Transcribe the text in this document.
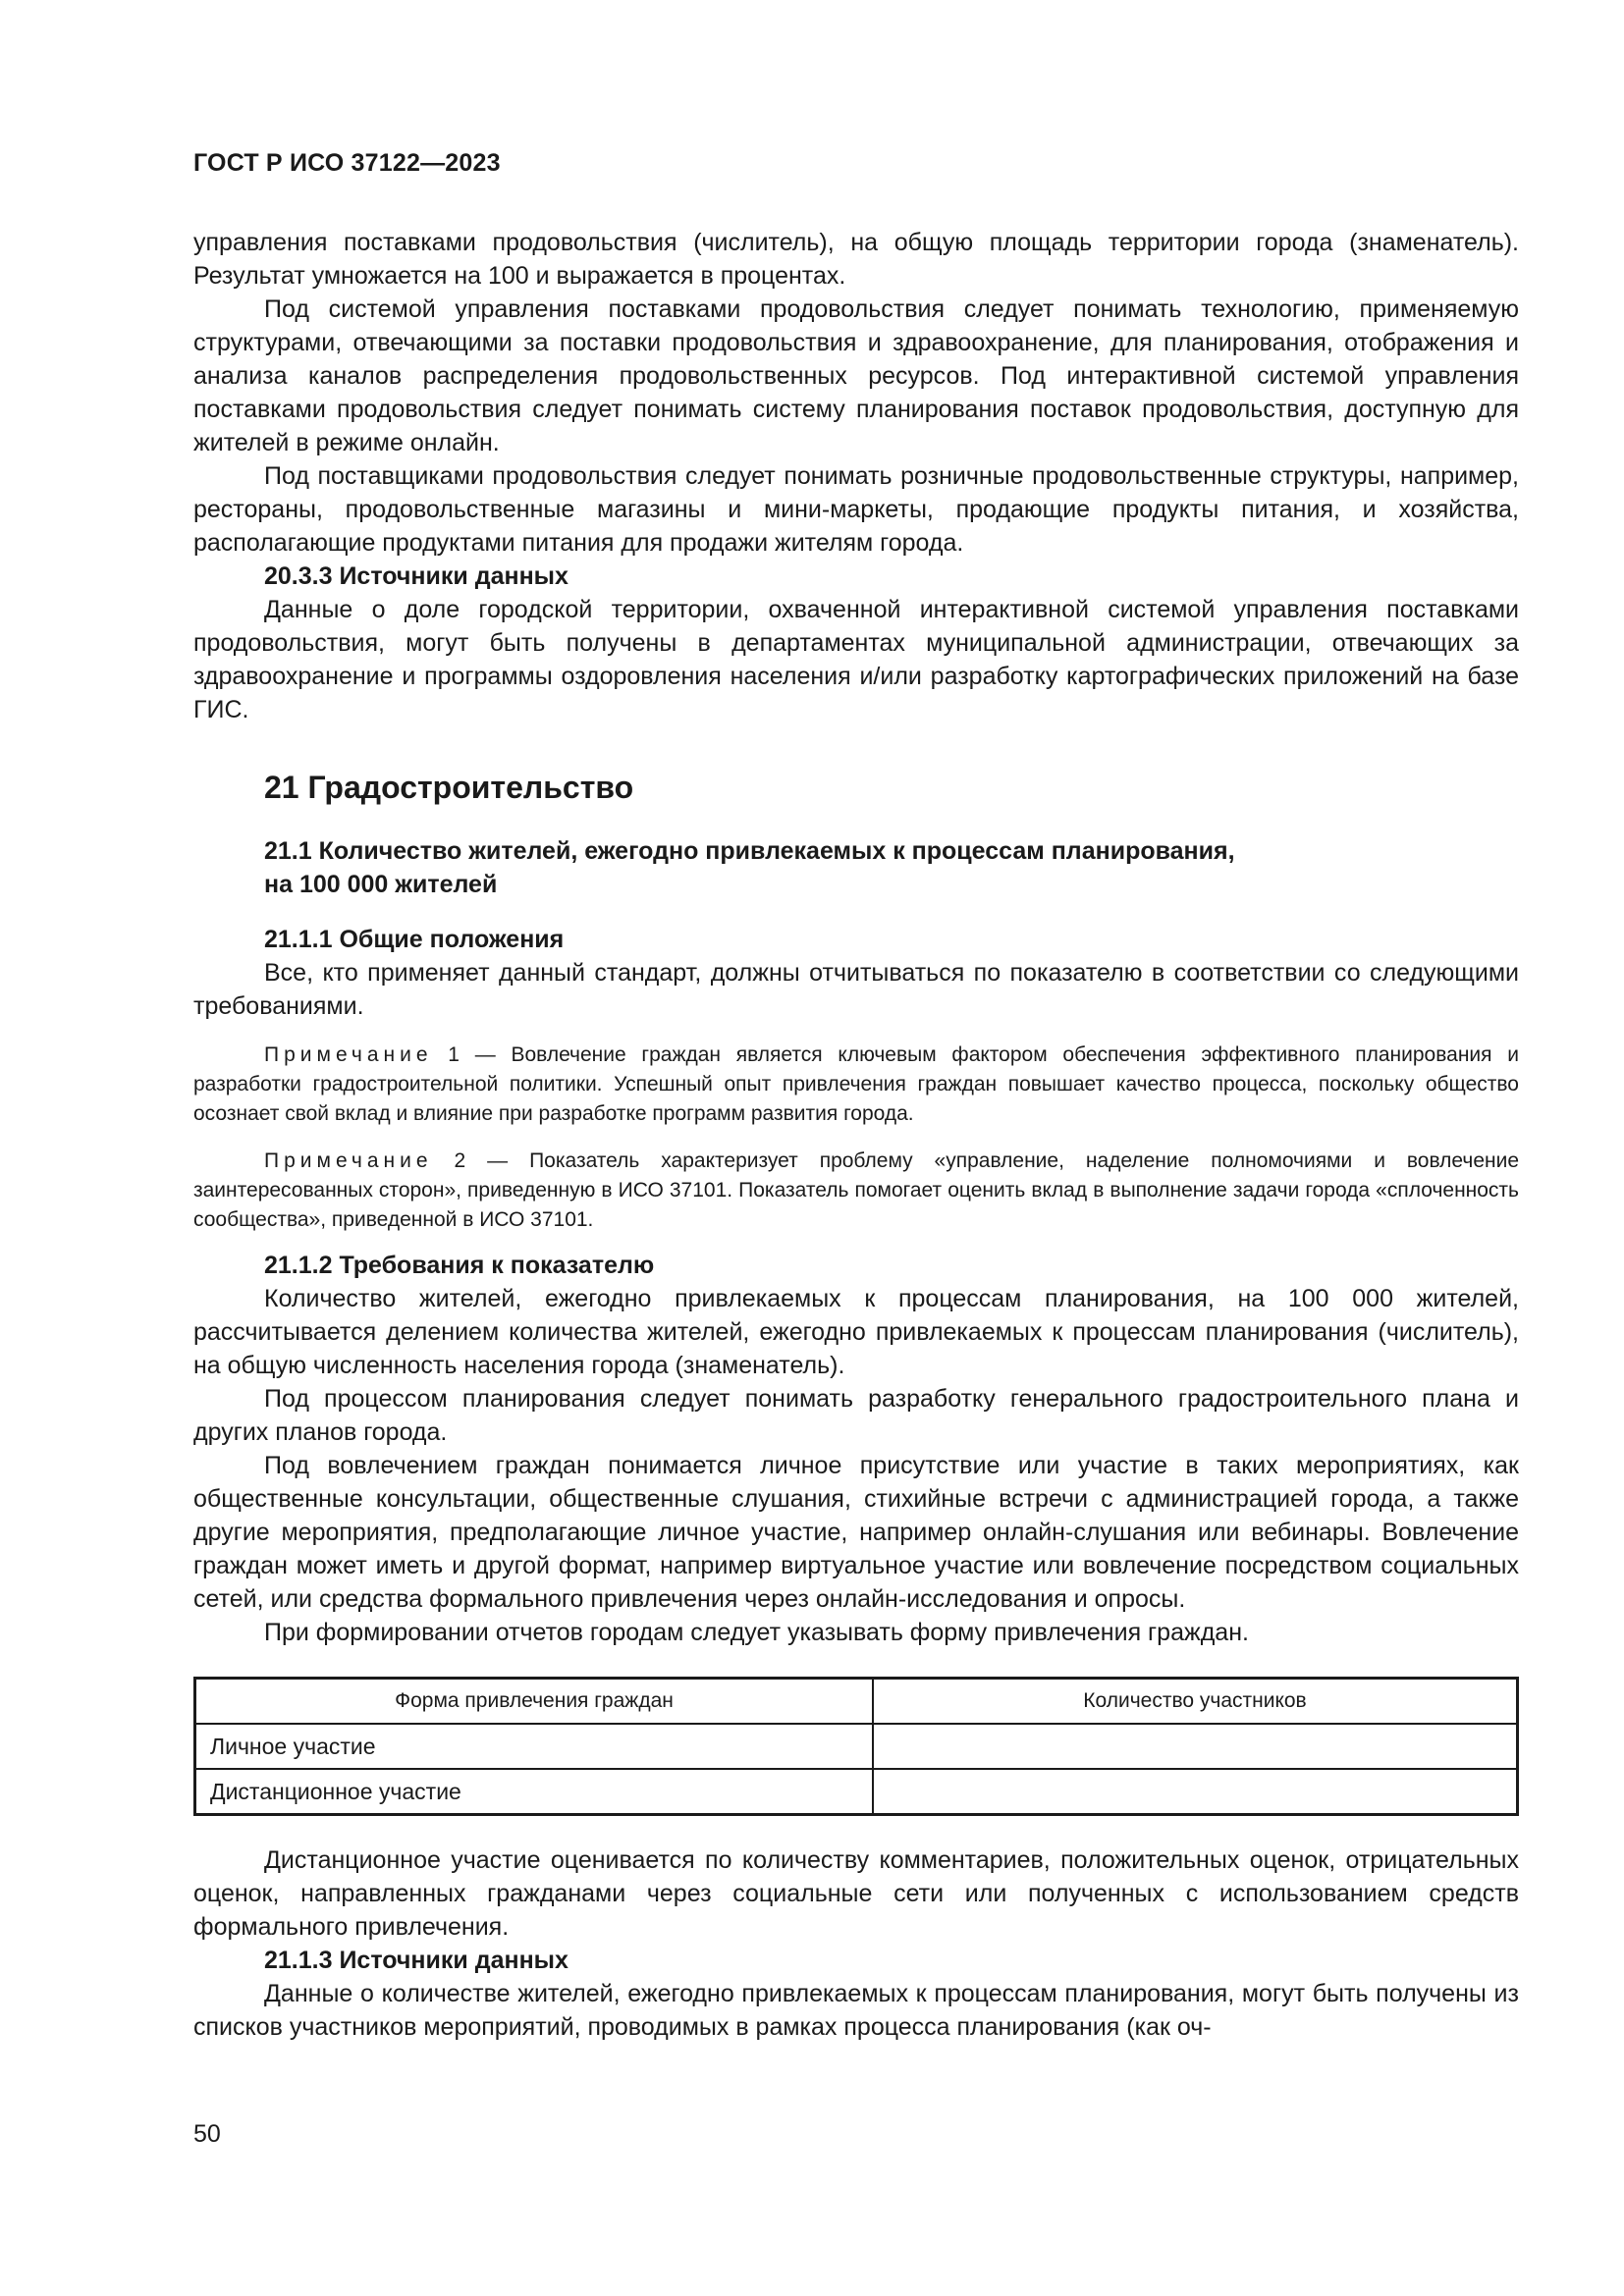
ГОСТ Р ИСО 37122—2023

управления поставками продовольствия (числитель), на общую площадь территории города (знаменатель). Результат умножается на 100 и выражается в процентах.

Под системой управления поставками продовольствия следует понимать технологию, применяемую структурами, отвечающими за поставки продовольствия и здравоохранение, для планирования, отображения и анализа каналов распределения продовольственных ресурсов. Под интерактивной системой управления поставками продовольствия следует понимать систему планирования поставок продовольствия, доступную для жителей в режиме онлайн.

Под поставщиками продовольствия следует понимать розничные продовольственные структуры, например, рестораны, продовольственные магазины и мини-маркеты, продающие продукты питания, и хозяйства, располагающие продуктами питания для продажи жителям города.

20.3.3 Источники данных

Данные о доле городской территории, охваченной интерактивной системой управления поставками продовольствия, могут быть получены в департаментах муниципальной администрации, отвечающих за здравоохранение и программы оздоровления населения и/или разработку картографических приложений на базе ГИС.

21 Градостроительство
21.1 Количество жителей, ежегодно привлекаемых к процессам планирования,
на 100 000 жителей
21.1.1 Общие положения

Все, кто применяет данный стандарт, должны отчитываться по показателю в соответствии со следующими требованиями.

Примечание 1 — Вовлечение граждан является ключевым фактором обеспечения эффективного планирования и разработки градостроительной политики. Успешный опыт привлечения граждан повышает качество процесса, поскольку общество осознает свой вклад и влияние при разработке программ развития города.

Примечание 2 — Показатель характеризует проблему «управление, наделение полномочиями и вовлечение заинтересованных сторон», приведенную в ИСО 37101. Показатель помогает оценить вклад в выполнение задачи города «сплоченность сообщества», приведенной в ИСО 37101.

21.1.2 Требования к показателю

Количество жителей, ежегодно привлекаемых к процессам планирования, на 100 000 жителей, рассчитывается делением количества жителей, ежегодно привлекаемых к процессам планирования (числитель), на общую численность населения города (знаменатель).

Под процессом планирования следует понимать разработку генерального градостроительного плана и других планов города.

Под вовлечением граждан понимается личное присутствие или участие в таких мероприятиях, как общественные консультации, общественные слушания, стихийные встречи с администрацией города, а также другие мероприятия, предполагающие личное участие, например онлайн-слушания или вебинары. Вовлечение граждан может иметь и другой формат, например виртуальное участие или вовлечение посредством социальных сетей, или средства формального привлечения через онлайн-исследования и опросы.

При формировании отчетов городам следует указывать форму привлечения граждан.

Форма привлечения граждан	Количество участников
Личное участие	
Дистанционное участие	

Дистанционное участие оценивается по количеству комментариев, положительных оценок, отрицательных оценок, направленных гражданами через социальные сети или полученных с использованием средств формального привлечения.

21.1.3 Источники данных

Данные о количестве жителей, ежегодно привлекаемых к процессам планирования, могут быть получены из списков участников мероприятий, проводимых в рамках процесса планирования (как оч-

50
